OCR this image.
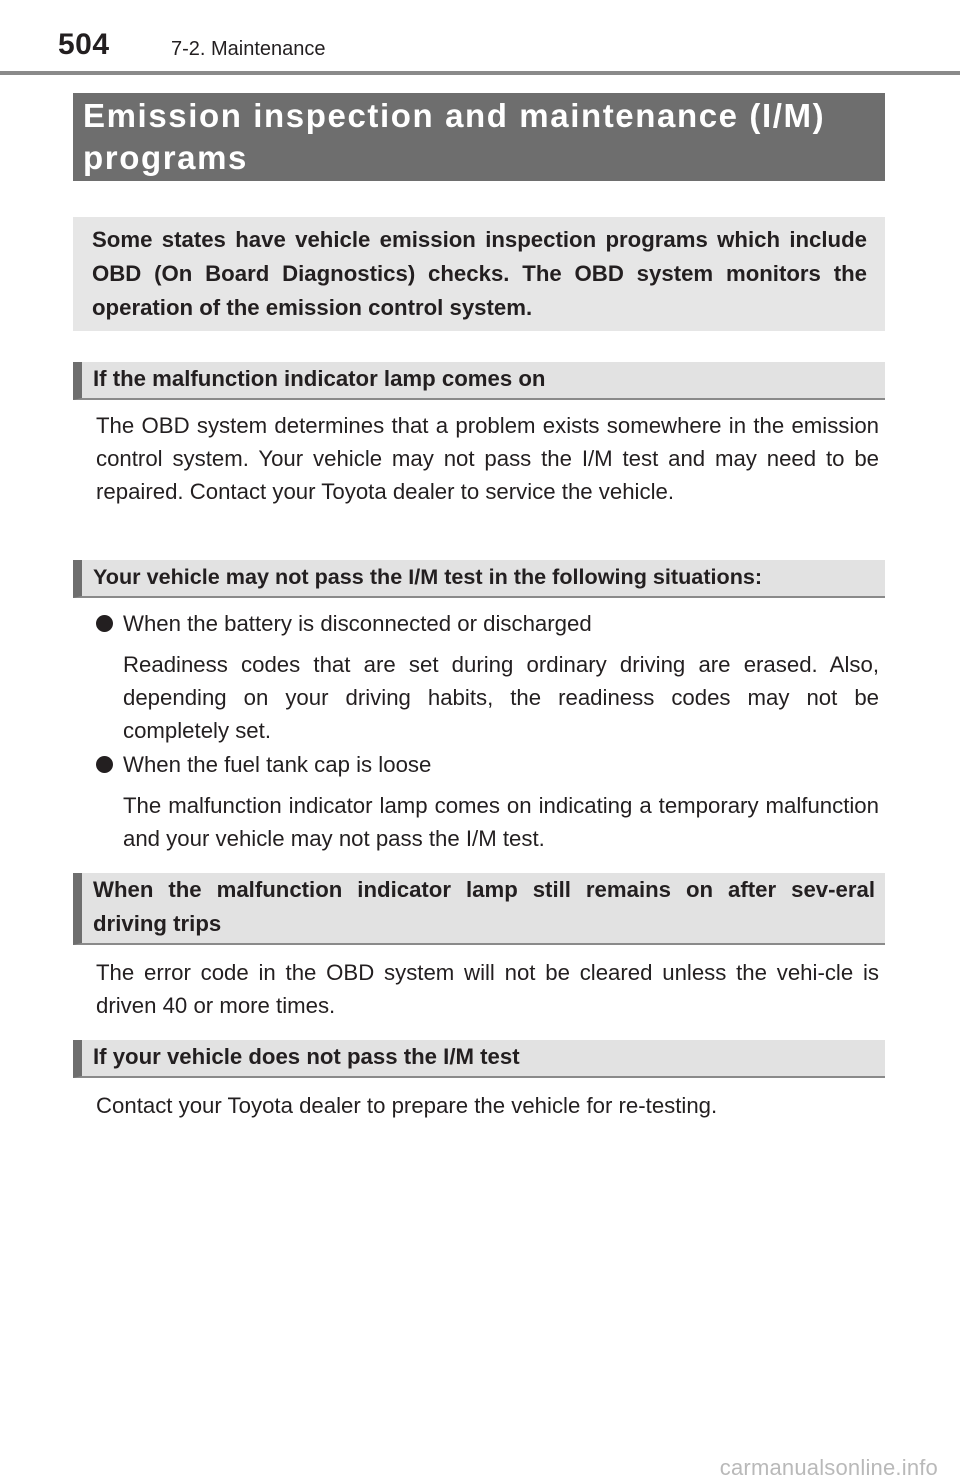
504	7-2. Maintenance
Emission inspection and maintenance (I/M) programs
Some states have vehicle emission inspection programs which include OBD (On Board Diagnostics) checks. The OBD system monitors the operation of the emission control system.
If the malfunction indicator lamp comes on
The OBD system determines that a problem exists somewhere in the emission control system. Your vehicle may not pass the I/M test and may need to be repaired. Contact your Toyota dealer to service the vehicle.
Your vehicle may not pass the I/M test in the following situations:
When the battery is disconnected or discharged
Readiness codes that are set during ordinary driving are erased. Also, depending on your driving habits, the readiness codes may not be completely set.
When the fuel tank cap is loose
The malfunction indicator lamp comes on indicating a temporary malfunction and your vehicle may not pass the I/M test.
When the malfunction indicator lamp still remains on after sev-eral driving trips
The error code in the OBD system will not be cleared unless the vehi-cle is driven 40 or more times.
If your vehicle does not pass the I/M test
Contact your Toyota dealer to prepare the vehicle for re-testing.
carmanualsonline.info
